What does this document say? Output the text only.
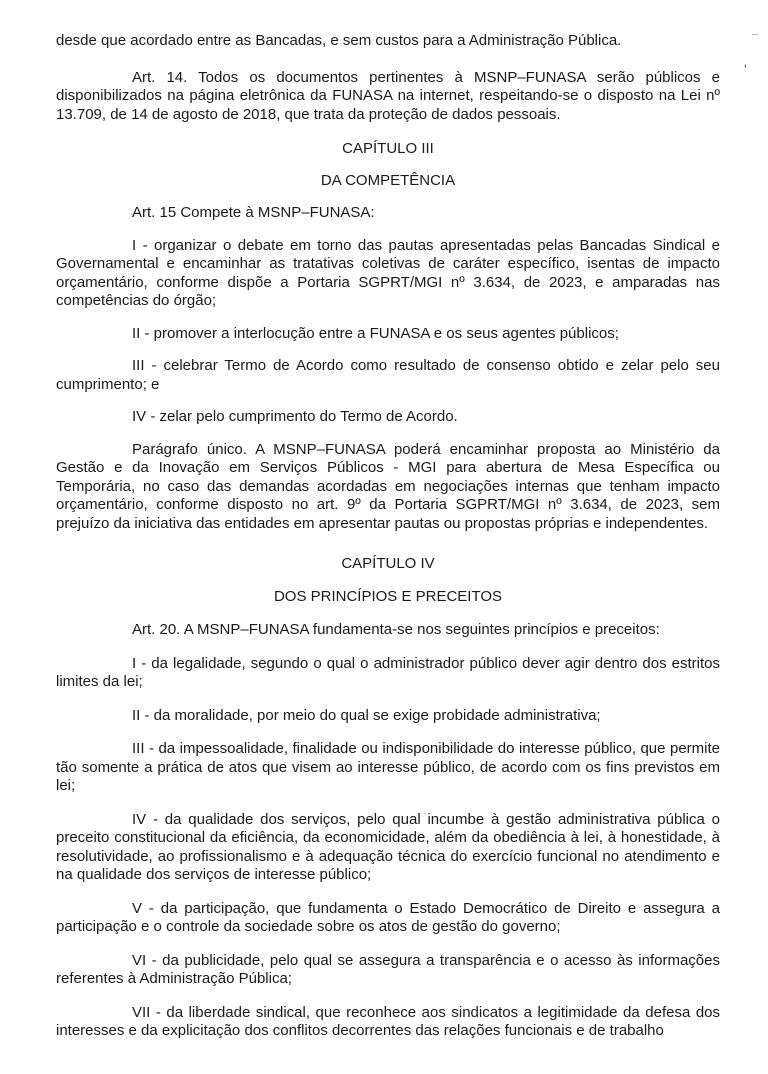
ʼ

desde que acordado entre as Bancadas, e sem custos para a Administração Pública.

Art. 14. Todos os documentos pertinentes à MSNP–FUNASA serão públicos e disponibilizados na página eletrônica da FUNASA na internet, respeitando-se o disposto na Lei nº 13.709, de 14 de agosto de 2018, que trata da proteção de dados pessoais.

CAPÍTULO III

DA COMPETÊNCIA

Art. 15 Compete à MSNP–FUNASA:

I - organizar o debate em torno das pautas apresentadas pelas Bancadas Sindical e Governamental e encaminhar as tratativas coletivas de caráter específico, isentas de impacto orçamentário, conforme dispõe a Portaria SGPRT/MGI nº 3.634, de 2023, e amparadas nas competências do órgão;

II - promover a interlocução entre a FUNASA e os seus agentes públicos;

III - celebrar Termo de Acordo como resultado de consenso obtido e zelar pelo seu cumprimento; e

IV - zelar pelo cumprimento do Termo de Acordo.

Parágrafo único. A MSNP–FUNASA poderá encaminhar proposta ao Ministério da Gestão e da Inovação em Serviços Públicos - MGI para abertura de Mesa Específica ou Temporária, no caso das demandas acordadas em negociações internas que tenham impacto orçamentário, conforme disposto no art. 9º da Portaria SGPRT/MGI nº 3.634, de 2023, sem prejuízo da iniciativa das entidades em apresentar pautas ou propostas próprias e independentes.

CAPÍTULO IV

DOS PRINCÍPIOS E PRECEITOS

Art. 20. A MSNP–FUNASA fundamenta-se nos seguintes princípios e preceitos:

I - da legalidade, segundo o qual o administrador público dever agir dentro dos estritos limites da lei;

II - da moralidade, por meio do qual se exige probidade administrativa;

III - da impessoalidade, finalidade ou indisponibilidade do interesse público, que permite tão somente a prática de atos que visem ao interesse público, de acordo com os fins previstos em lei;

IV - da qualidade dos serviços, pelo qual incumbe à gestão administrativa pública o preceito constitucional da eficiência, da economicidade, além da obediência à lei, à honestidade, à resolutividade, ao profissionalismo e à adequação técnica do exercício funcional no atendimento e na qualidade dos serviços de interesse público;

V - da participação, que fundamenta o Estado Democrático de Direito e assegura a participação e o controle da sociedade sobre os atos de gestão do governo;

VI - da publicidade, pelo qual se assegura a transparência e o acesso às informações referentes à Administração Pública;

VII - da liberdade sindical, que reconhece aos sindicatos a legitimidade da defesa dos interesses e da explicitação dos conflitos decorrentes das relações funcionais e de trabalho
